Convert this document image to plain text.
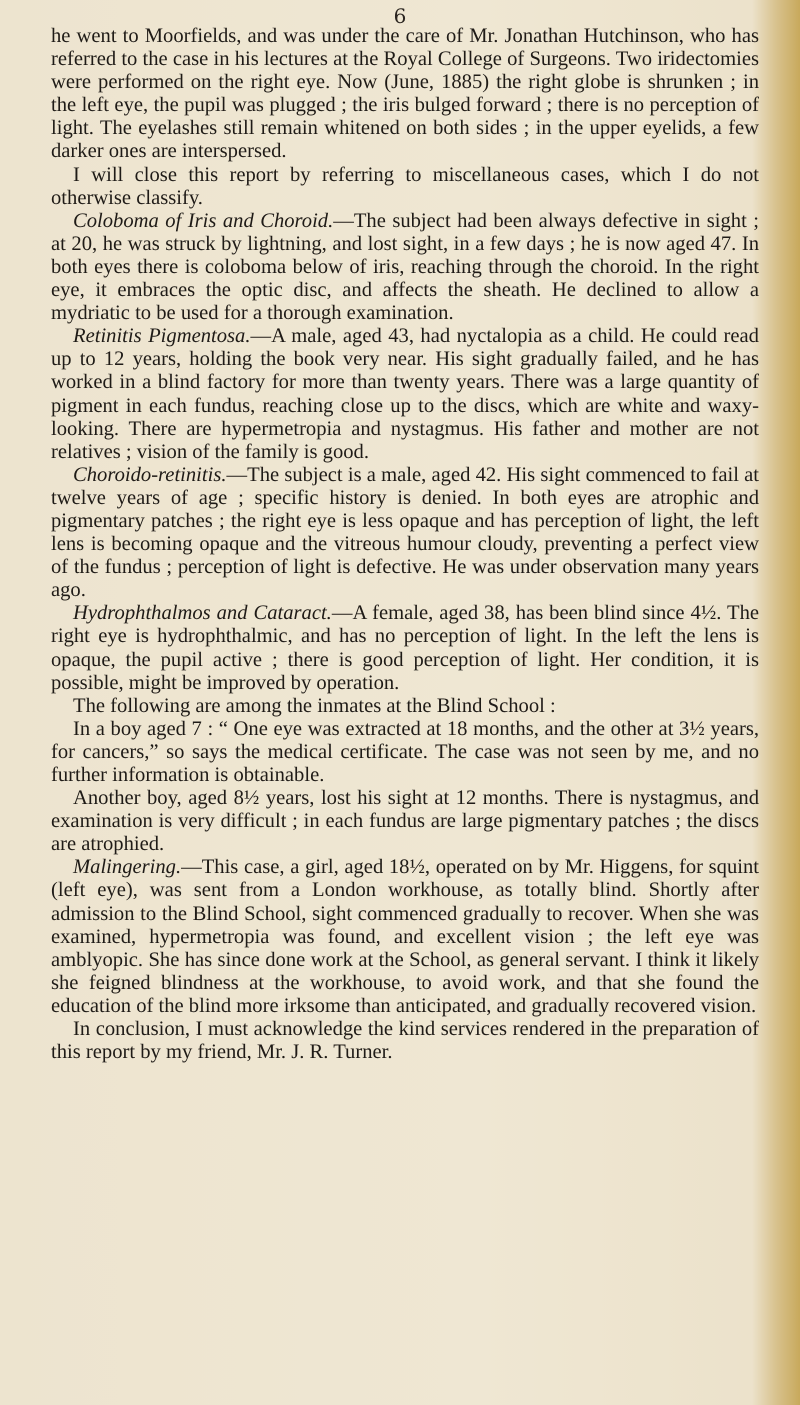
6

he went to Moorfields, and was under the care of Mr. Jonathan Hutchinson, who has referred to the case in his lectures at the Royal College of Surgeons. Two iridectomies were performed on the right eye. Now (June, 1885) the right globe is shrunken ; in the left eye, the pupil was plugged ; the iris bulged forward ; there is no perception of light. The eyelashes still remain whitened on both sides ; in the upper eyelids, a few darker ones are interspersed.

I will close this report by referring to miscellaneous cases, which I do not otherwise classify.

Coloboma of Iris and Choroid.—The subject had been always defective in sight ; at 20, he was struck by lightning, and lost sight, in a few days ; he is now aged 47. In both eyes there is coloboma below of iris, reaching through the choroid. In the right eye, it embraces the optic disc, and affects the sheath. He declined to allow a mydriatic to be used for a thorough examination.

Retinitis Pigmentosa.—A male, aged 43, had nyctalopia as a child. He could read up to 12 years, holding the book very near. His sight gradually failed, and he has worked in a blind factory for more than twenty years. There was a large quantity of pigment in each fundus, reaching close up to the discs, which are white and waxy-looking. There are hypermetropia and nystagmus. His father and mother are not relatives ; vision of the family is good.

Choroido-retinitis.—The subject is a male, aged 42. His sight commenced to fail at twelve years of age ; specific history is denied. In both eyes are atrophic and pigmentary patches ; the right eye is less opaque and has perception of light, the left lens is becoming opaque and the vitreous humour cloudy, preventing a perfect view of the fundus ; perception of light is defective. He was under observation many years ago.

Hydrophthalmos and Cataract.—A female, aged 38, has been blind since 4½. The right eye is hydrophthalmic, and has no perception of light. In the left the lens is opaque, the pupil active ; there is good perception of light. Her condition, it is possible, might be improved by operation.

The following are among the inmates at the Blind School :

In a boy aged 7 : “ One eye was extracted at 18 months, and the other at 3½ years, for cancers,” so says the medical certificate. The case was not seen by me, and no further information is obtainable.

Another boy, aged 8½ years, lost his sight at 12 months. There is nystagmus, and examination is very difficult ; in each fundus are large pigmentary patches ; the discs are atrophied.

Malingering.—This case, a girl, aged 18½, operated on by Mr. Higgens, for squint (left eye), was sent from a London workhouse, as totally blind. Shortly after admission to the Blind School, sight commenced gradually to recover. When she was examined, hypermetropia was found, and excellent vision ; the left eye was amblyopic. She has since done work at the School, as general servant. I think it likely she feigned blindness at the workhouse, to avoid work, and that she found the education of the blind more irksome than anticipated, and gradually recovered vision.

In conclusion, I must acknowledge the kind services rendered in the preparation of this report by my friend, Mr. J. R. Turner.
